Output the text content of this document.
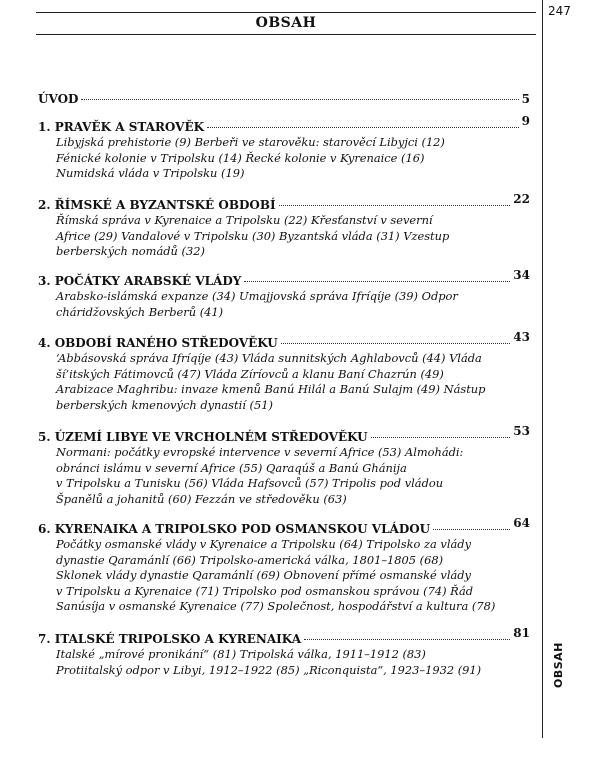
OBSAH
247
OBSAH
ÚVOD	5
1. PRAVĚK A STAROVĚK	9
Libyjská prehistorie (9) Berbeři ve starověku: starověcí Libyjci (12)
Fénické kolonie v Tripolsku (14) Řecké kolonie v Kyrenaice (16)
Numidská vláda v Tripolsku (19)
2. ŘÍMSKÉ A BYZANTSKÉ OBDOBÍ	22
Římská správa v Kyrenaice a Tripolsku (22) Křesťanství v severní
Africe (29) Vandalové v Tripolsku (30) Byzantská vláda (31) Vzestup
berberských nomádů (32)
3. POČÁTKY ARABSKÉ VLÁDY	34
Arabsko-islámská expanze (34) Umajjovská správa Ifríqíje (39) Odpor
cháridžovských Berberů (41)
4. OBDOBÍ RANÉHO STŘEDOVĚKU	43
‘Abbásovská správa Ifríqíje (43) Vláda sunnitských Aghlabovců (44) Vláda
ší’itských Fátimovců (47) Vláda Zíríovců a klanu Baní Chazrún (49)
Arabizace Maghribu: invaze kmenů Banú Hilál a Banú Sulajm (49) Nástup
berberských kmenových dynastií (51)
5. ÚZEMÍ LIBYE VE VRCHOLNÉM STŘEDOVĚKU	53
Normani: počátky evropské intervence v severní Africe (53) Almohádi:
obránci islámu v severní Africe (55) Qaraqúš a Banú Ghánija
v Tripolsku a Tunisku (56) Vláda Hafsovců (57) Tripolis pod vládou
Španělů a johanitů (60) Fezzán ve středověku (63)
6. KYRENAIKA A TRIPOLSKO POD OSMANSKOU VLÁDOU	64
Počátky osmanské vlády v Kyrenaice a Tripolsku (64) Tripolsko za vlády
dynastie Qaramánlí (66) Tripolsko-americká válka, 1801–1805 (68)
Sklonek vlády dynastie Qaramánlí (69) Obnovení přímé osmanské vlády
v Tripolsku a Kyrenaice (71) Tripolsko pod osmanskou správou (74) Řád
Sanúsíja v osmanské Kyrenaice (77) Společnost, hospodářství a kultura (78)
7. ITALSKÉ TRIPOLSKO A KYRENAIKA	81
Italské „mírové pronikání“ (81) Tripolská válka, 1911–1912 (83)
Protiitalský odpor v Libyi, 1912–1922 (85) „Riconquista“, 1923–1932 (91)
